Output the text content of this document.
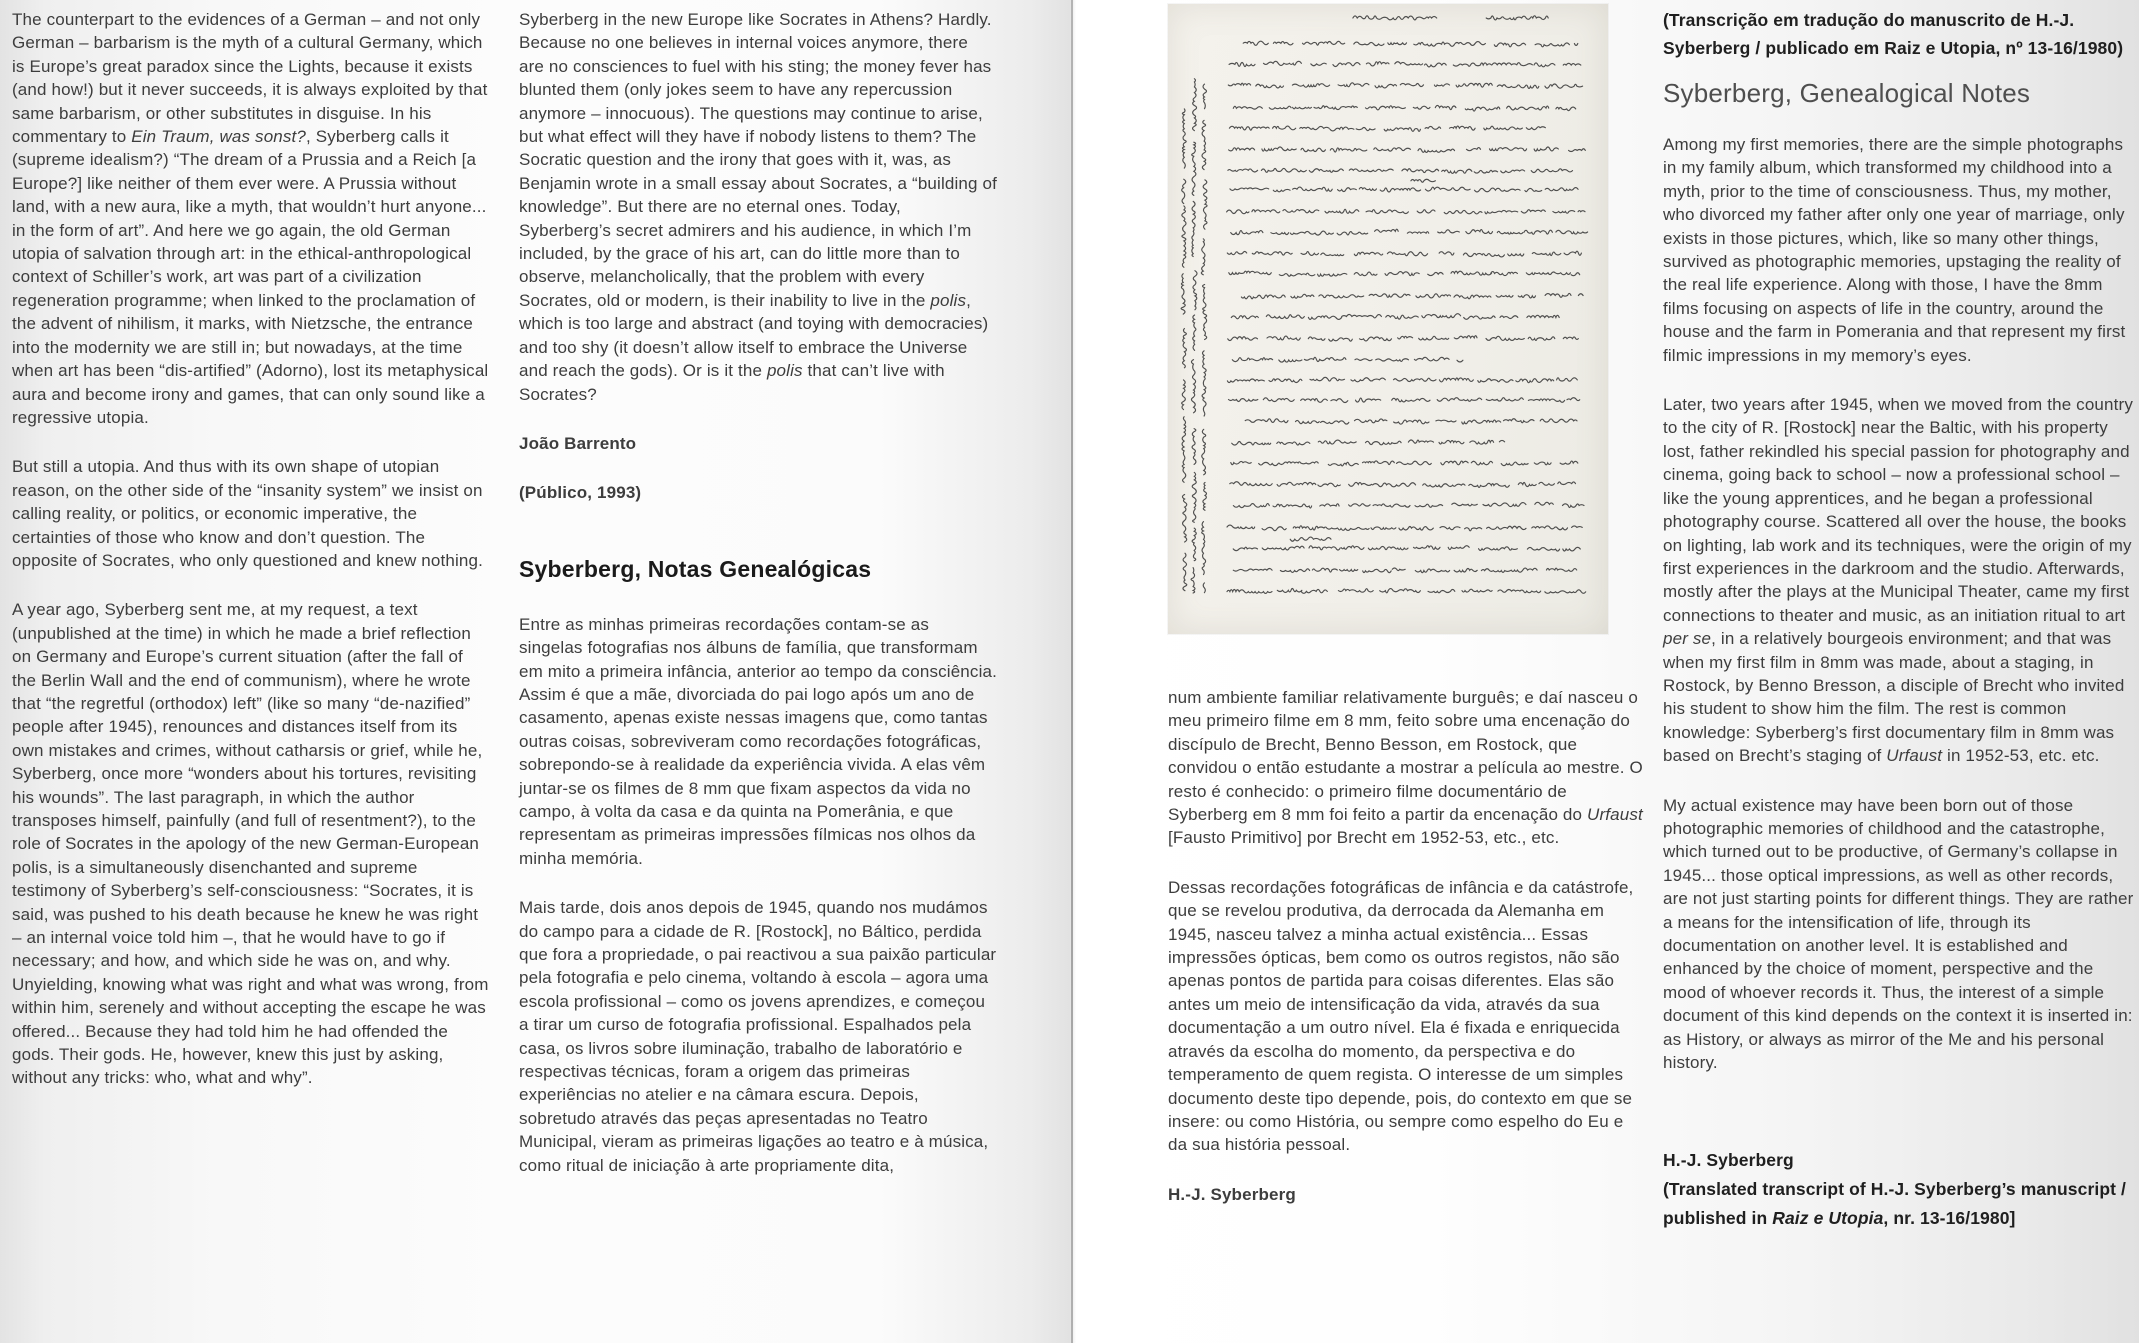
The counterpart to the evidences of a German – and not only German – barbarism is the myth of a cultural Germany, which is Europe’s great paradox since the Lights, because it exists (and how!) but it never succeeds, it is always exploited by that same barbarism, or other substitutes in disguise. In his commentary to Ein Traum, was sonst?, Syberberg calls it (supreme idealism?) “The dream of a Prussia and a Reich [a Europe?] like neither of them ever were. A Prussia without land, with a new aura, like a myth, that wouldn’t hurt anyone... in the form of art”. And here we go again, the old German utopia of salvation through art: in the ethical-anthropological context of Schiller’s work, art was part of a civilization regeneration programme; when linked to the proclamation of the advent of nihilism, it marks, with Nietzsche, the entrance into the modernity we are still in; but nowadays, at the time when art has been “dis-artified” (Adorno), lost its metaphysical aura and become irony and games, that can only sound like a regressive utopia.

But still a utopia. And thus with its own shape of utopian reason, on the other side of the “insanity system” we insist on calling reality, or politics, or economic imperative, the certainties of those who know and don’t question. The opposite of Socrates, who only questioned and knew nothing.

A year ago, Syberberg sent me, at my request, a text (unpublished at the time) in which he made a brief reflection on Germany and Europe’s current situation (after the fall of the Berlin Wall and the end of communism), where he wrote that “the regretful (orthodox) left” (like so many “de-nazified” people after 1945), renounces and distances itself from its own mistakes and crimes, without catharsis or grief, while he, Syberberg, once more “wonders about his tortures, revisiting his wounds”. The last paragraph, in which the author transposes himself, painfully (and full of resentment?), to the role of Socrates in the apology of the new German-European polis, is a simultaneously disenchanted and supreme testimony of Syberberg’s self-consciousness: “Socrates, it is said, was pushed to his death because he knew he was right – an internal voice told him –, that he would have to go if necessary; and how, and which side he was on, and why. Unyielding, knowing what was right and what was wrong, from within him, serenely and without accepting the escape he was offered... Because they had told him he had offended the gods. Their gods. He, however, knew this just by asking, without any tricks: who, what and why”.

Syberberg in the new Europe like Socrates in Athens? Hardly. Because no one believes in internal voices anymore, there are no consciences to fuel with his sting; the money fever has blunted them (only jokes seem to have any repercussion anymore – innocuous). The questions may continue to arise, but what effect will they have if nobody listens to them? The Socratic question and the irony that goes with it, was, as Benjamin wrote in a small essay about Socrates, a “building of knowledge”. But there are no eternal ones. Today, Syberberg’s secret admirers and his audience, in which I’m included, by the grace of his art, can do little more than to observe, melancholically, that the problem with every Socrates, old or modern, is their inability to live in the polis, which is too large and abstract (and toying with democracies) and too shy (it doesn’t allow itself to embrace the Universe and reach the gods). Or is it the polis that can’t live with Socrates?

João Barrento

(Público, 1993)

Syberberg, Notas Genealógicas

Entre as minhas primeiras recordações contam-se as singelas fotografias nos álbuns de família, que transformam em mito a primeira infância, anterior ao tempo da consciência. Assim é que a mãe, divorciada do pai logo após um ano de casamento, apenas existe nessas imagens que, como tantas outras coisas, sobreviveram como recordações fotográficas, sobrepondo-se à realidade da experiência vivida. A elas vêm juntar-se os filmes de 8 mm que fixam aspectos da vida no campo, à volta da casa e da quinta na Pomerânia, e que representam as primeiras impressões fílmicas nos olhos da minha memória.

Mais tarde, dois anos depois de 1945, quando nos mudámos do campo para a cidade de R. [Rostock], no Báltico, perdida que fora a propriedade, o pai reactivou a sua paixão particular pela fotografia e pelo cinema, voltando à escola – agora uma escola profissional – como os jovens aprendizes, e começou a tirar um curso de fotografia profissional. Espalhados pela casa, os livros sobre iluminação, trabalho de laboratório e respectivas técnicas, foram a origem das primeiras experiências no atelier e na câmara escura. Depois, sobretudo através das peças apresentadas no Teatro Municipal, vieram as primeiras ligações ao teatro e à música, como ritual de iniciação à arte propriamente dita,

num ambiente familiar relativamente burguês; e daí nasceu o meu primeiro filme em 8 mm, feito sobre uma encenação do discípulo de Brecht, Benno Besson, em Rostock, que convidou o então estudante a mostrar a película ao mestre. O resto é conhecido: o primeiro filme documentário de Syberberg em 8 mm foi feito a partir da encenação do Urfaust [Fausto Primitivo] por Brecht em 1952-53, etc., etc.

Dessas recordações fotográficas de infância e da catástrofe, que se revelou produtiva, da derrocada da Alemanha em 1945, nasceu talvez a minha actual existência... Essas impressões ópticas, bem como os outros registos, não são apenas pontos de partida para coisas diferentes. Elas são antes um meio de intensificação da vida, através da sua documentação a um outro nível. Ela é fixada e enriquecida através da escolha do momento, da perspectiva e do temperamento de quem regista. O interesse de um simples documento deste tipo depende, pois, do contexto em que se insere: ou como História, ou sempre como espelho do Eu e da sua história pessoal.

H.-J. Syberberg

(Transcrição em tradução do manuscrito de H.-J. Syberberg / publicado em Raiz e Utopia, nº 13-16/1980)

Syberberg, Genealogical Notes

Among my first memories, there are the simple photographs in my family album, which transformed my childhood into a myth, prior to the time of consciousness. Thus, my mother, who divorced my father after only one year of marriage, only exists in those pictures, which, like so many other things, survived as photographic memories, upstaging the reality of the real life experience. Along with those, I have the 8mm films focusing on aspects of life in the country, around the house and the farm in Pomerania and that represent my first filmic impressions in my memory’s eyes.

Later, two years after 1945, when we moved from the country to the city of R. [Rostock] near the Baltic, with his property lost, father rekindled his special passion for photography and cinema, going back to school – now a professional school – like the young apprentices, and he began a professional photography course. Scattered all over the house, the books on lighting, lab work and its techniques, were the origin of my first experiences in the darkroom and the studio. Afterwards, mostly after the plays at the Municipal Theater, came my first connections to theater and music, as an initiation ritual to art per se, in a relatively bourgeois environment; and that was when my first film in 8mm was made, about a staging, in Rostock, by Benno Bresson, a disciple of Brecht who invited his student to show him the film. The rest is common knowledge: Syberberg’s first documentary film in 8mm was based on Brecht’s staging of Urfaust in 1952-53, etc. etc.

My actual existence may have been born out of those photographic memories of childhood and the catastrophe, which turned out to be productive, of Germany’s collapse in 1945... those optical impressions, as well as other records, are not just starting points for different things. They are rather a means for the intensification of life, through its documentation on another level. It is established and enhanced by the choice of moment, perspective and the mood of whoever records it. Thus, the interest of a simple document of this kind depends on the context it is inserted in: as History, or always as mirror of the Me and his personal history.

H.-J. Syberberg

(Translated transcript of H.-J. Syberberg’s manuscript / published in Raiz e Utopia, nr. 13-16/1980]
